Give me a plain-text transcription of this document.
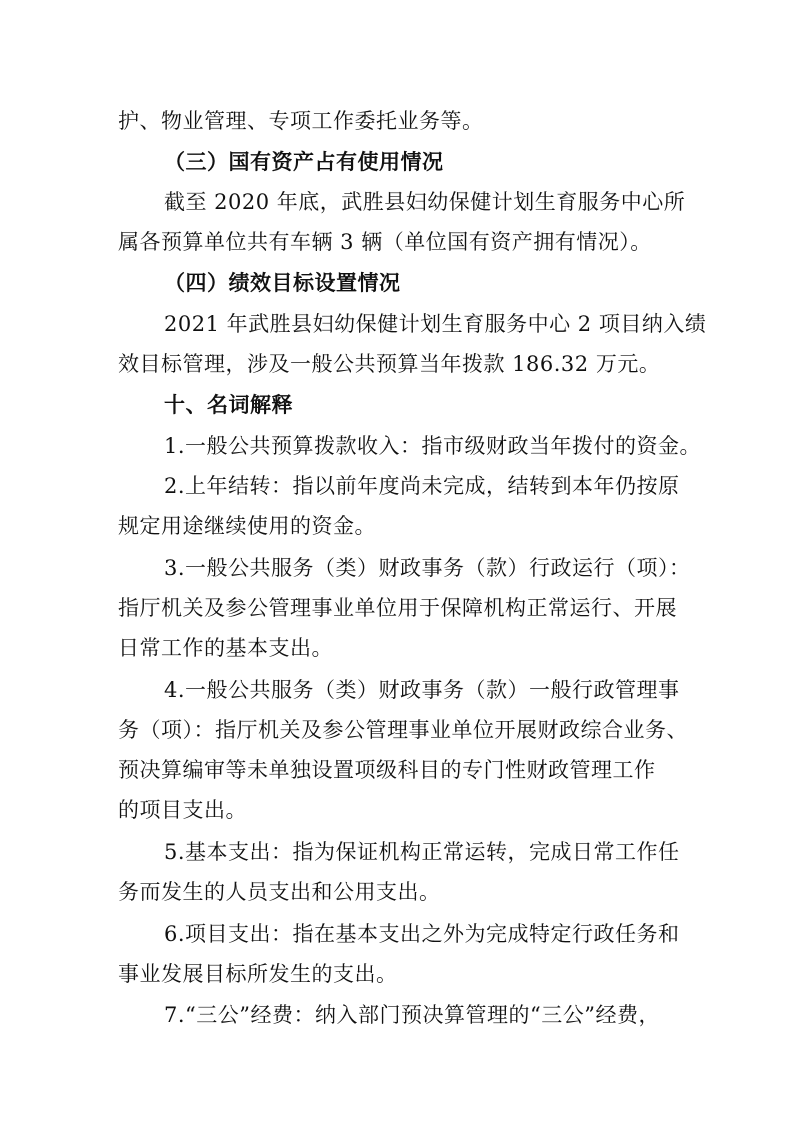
护、物业管理、专项工作委托业务等。
（三）国有资产占有使用情况
截至 2020 年底，武胜县妇幼保健计划生育服务中心所
属各预算单位共有车辆 3 辆（单位国有资产拥有情况）。
（四）绩效目标设置情况
2021 年武胜县妇幼保健计划生育服务中心 2 项目纳入绩
效目标管理，涉及一般公共预算当年拨款 186.32 万元。
十、名词解释
1.一般公共预算拨款收入：指市级财政当年拨付的资金。
2.上年结转：指以前年度尚未完成，结转到本年仍按原
规定用途继续使用的资金。
3.一般公共服务（类）财政事务（款）行政运行（项）：
指厅机关及参公管理事业单位用于保障机构正常运行、开展
日常工作的基本支出。
4.一般公共服务（类）财政事务（款）一般行政管理事
务（项）：指厅机关及参公管理事业单位开展财政综合业务、
预决算编审等未单独设置项级科目的专门性财政管理工作
的项目支出。
5.基本支出：指为保证机构正常运转，完成日常工作任
务而发生的人员支出和公用支出。
6.项目支出：指在基本支出之外为完成特定行政任务和
事业发展目标所发生的支出。
7.“三公”经费：纳入部门预决算管理的“三公”经费，
